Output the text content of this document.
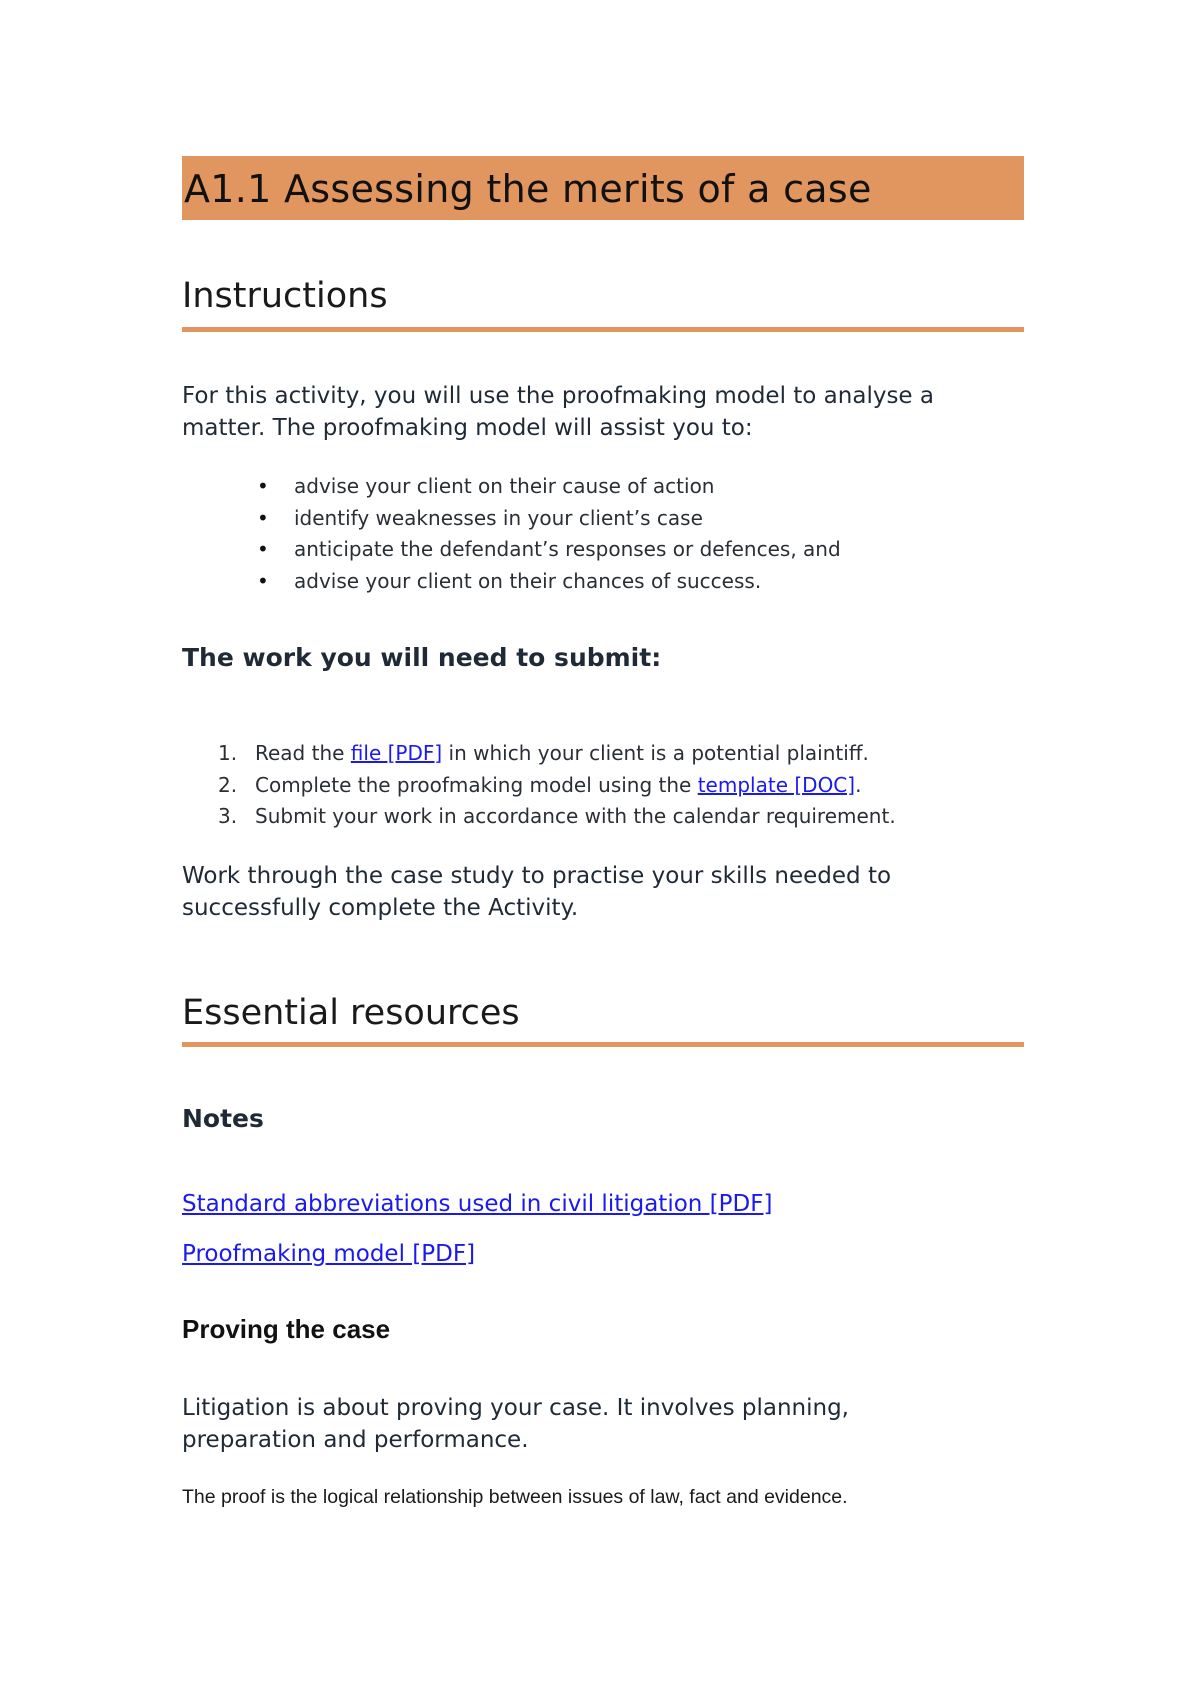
A1.1 Assessing the merits of a case
Instructions

For this activity, you will use the proofmaking model to analyse a matter. The proofmaking model will assist you to:

• advise your client on their cause of action
• identify weaknesses in your client’s case
• anticipate the defendant’s responses or defences, and
• advise your client on their chances of success.
The work you will need to submit:
1. Read the file [PDF] in which your client is a potential plaintiff.
2. Complete the proofmaking model using the template [DOC].
3. Submit your work in accordance with the calendar requirement.

Work through the case study to practise your skills needed to successfully complete the Activity.

Essential resources
Notes
Standard abbreviations used in civil litigation [PDF]
Proofmaking model [PDF]
Proving the case

Litigation is about proving your case. It involves planning, preparation and performance.

The proof is the logical relationship between issues of law, fact and evidence.
